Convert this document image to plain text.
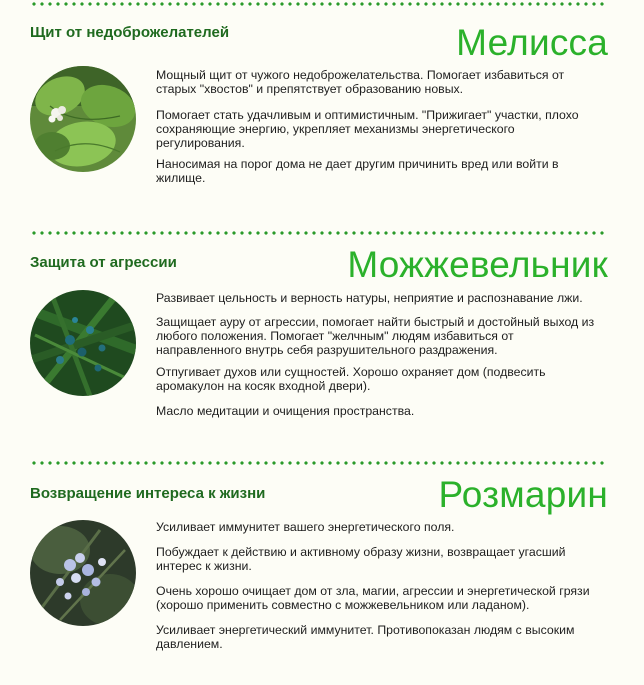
Щит от недоброжелателей	Мелисса

Мощный щит от чужого недоброжелательства. Помогает избавиться от старых "хвостов" и препятствует образованию новых.

Помогает стать удачливым и оптимистичным. "Прижигает" участки, плохо сохраняющие энергию, укрепляет механизмы энергетического регулирования.

Наносимая на порог дома не дает другим причинить вред или войти в жилище.

Защита от агрессии	Можжевельник

Развивает цельность и верность натуры, неприятие и распознавание лжи.

Защищает ауру от агрессии, помогает найти быстрый и достойный выход из любого положения. Помогает "желчным" людям избавиться от направленного внутрь себя разрушительного раздражения.

Отпугивает духов или сущностей. Хорошо охраняет дом (подвесить аромакулон на косяк входной двери).

Масло медитации и очищения пространства.

Возвращение интереса к жизни	Розмарин

Усиливает иммунитет вашего энергетического поля.

Побуждает к действию и активному образу жизни, возвращает угасший интерес к жизни.

Очень хорошо очищает дом от зла, магии, агрессии и энергетической грязи (хорошо применить совместно с можжевельником или ладаном).

Усиливает энергетический иммунитет. Противопоказан людям с высоким давлением.
